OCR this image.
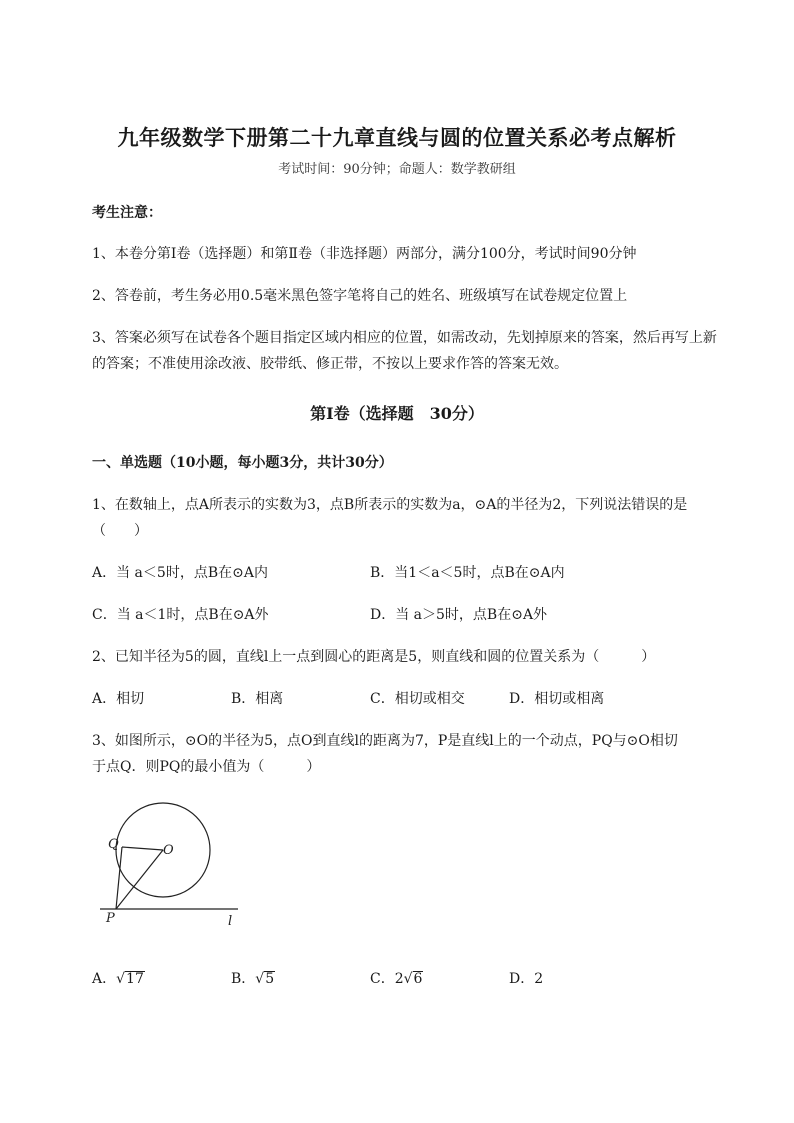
九年级数学下册第二十九章直线与圆的位置关系必考点解析
考试时间：90分钟；命题人：数学教研组
考生注意：
1、本卷分第Ⅰ卷（选择题）和第Ⅱ卷（非选择题）两部分，满分100分，考试时间90分钟
2、答卷前，考生务必用0.5毫米黑色签字笔将自己的姓名、班级填写在试卷规定位置上
3、答案必须写在试卷各个题目指定区域内相应的位置，如需改动，先划掉原来的答案，然后再写上新
的答案；不准使用涂改液、胶带纸、修正带，不按以上要求作答的答案无效。
第Ⅰ卷（选择题　30分）
一、单选题（10小题，每小题3分，共计30分）
1、在数轴上，点A所表示的实数为3，点B所表示的实数为a，⊙A的半径为2，下列说法错误的是
（　　）
A．当 a＜5时，点B在⊙A内	B．当1＜a＜5时，点B在⊙A内
C．当 a＜1时，点B在⊙A外	D．当 a＞5时，点B在⊙A外
2、已知半径为5的圆，直线l上一点到圆心的距离是5，则直线和圆的位置关系为（　　　）
A．相切	B．相离	C．相切或相交	D．相切或相离
3、如图所示，⊙O的半径为5，点O到直线l的距离为7，P是直线l上的一个动点，PQ与⊙O相切
于点Q．则PQ的最小值为（　　　）
Q	O
P	l
A．√17	B．√5	C．2√6	D．2
